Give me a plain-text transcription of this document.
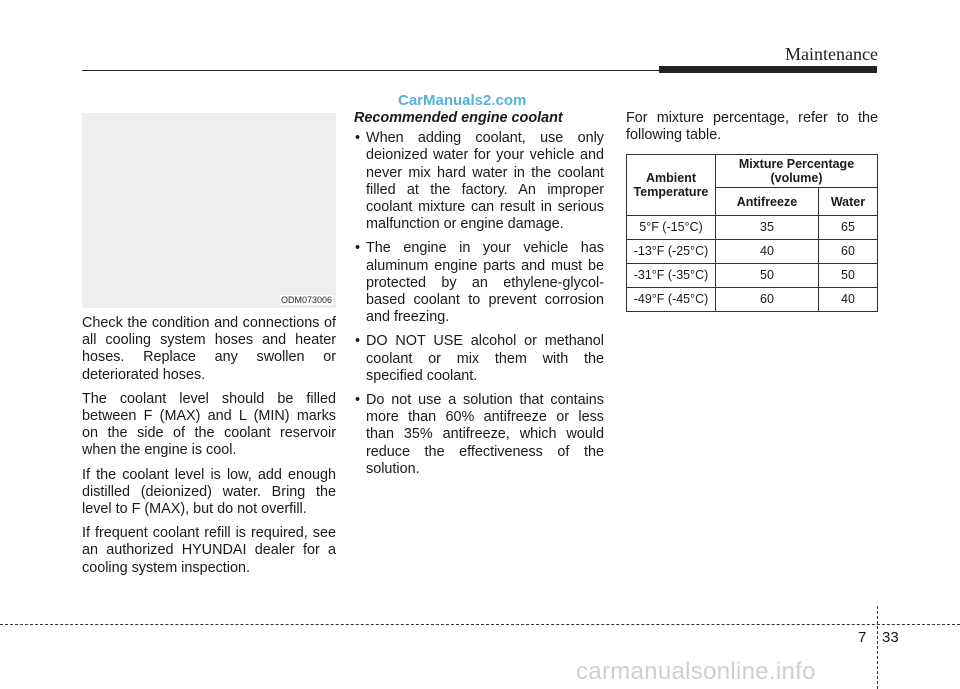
Maintenance
CarManuals2.com
ODM073006

Check the condition and connections of all cooling system hoses and heater hoses. Replace any swollen or deteriorated hoses.

The coolant level should be filled between F (MAX) and L (MIN) marks on the side of the coolant reservoir when the engine is cool.

If the coolant level is low, add enough distilled (deionized) water. Bring the level to F (MAX), but do not overfill.

If frequent coolant refill is required, see an authorized HYUNDAI dealer for a cooling system inspection.

Recommended engine coolant
• When adding coolant, use only deionized water for your vehicle and never mix hard water in the coolant filled at the factory. An improper coolant mixture can result in serious malfunction or engine damage.
• The engine in your vehicle has aluminum engine parts and must be protected by an ethylene-glycol-based coolant to prevent corrosion and freezing.
• DO NOT USE alcohol or methanol coolant or mix them with the specified coolant.
• Do not use a solution that contains more than 60% antifreeze or less than 35% antifreeze, which would reduce the effectiveness of the solution.

For mixture percentage, refer to the following table.

Ambient Temperature	Mixture Percentage (volume)	
	Antifreeze	Water
5°F (-15°C)	35	65
-13°F (-25°C)	40	60
-31°F (-35°C)	50	50
-49°F (-45°C)	60	40
7 33
carmanualsonline.info
